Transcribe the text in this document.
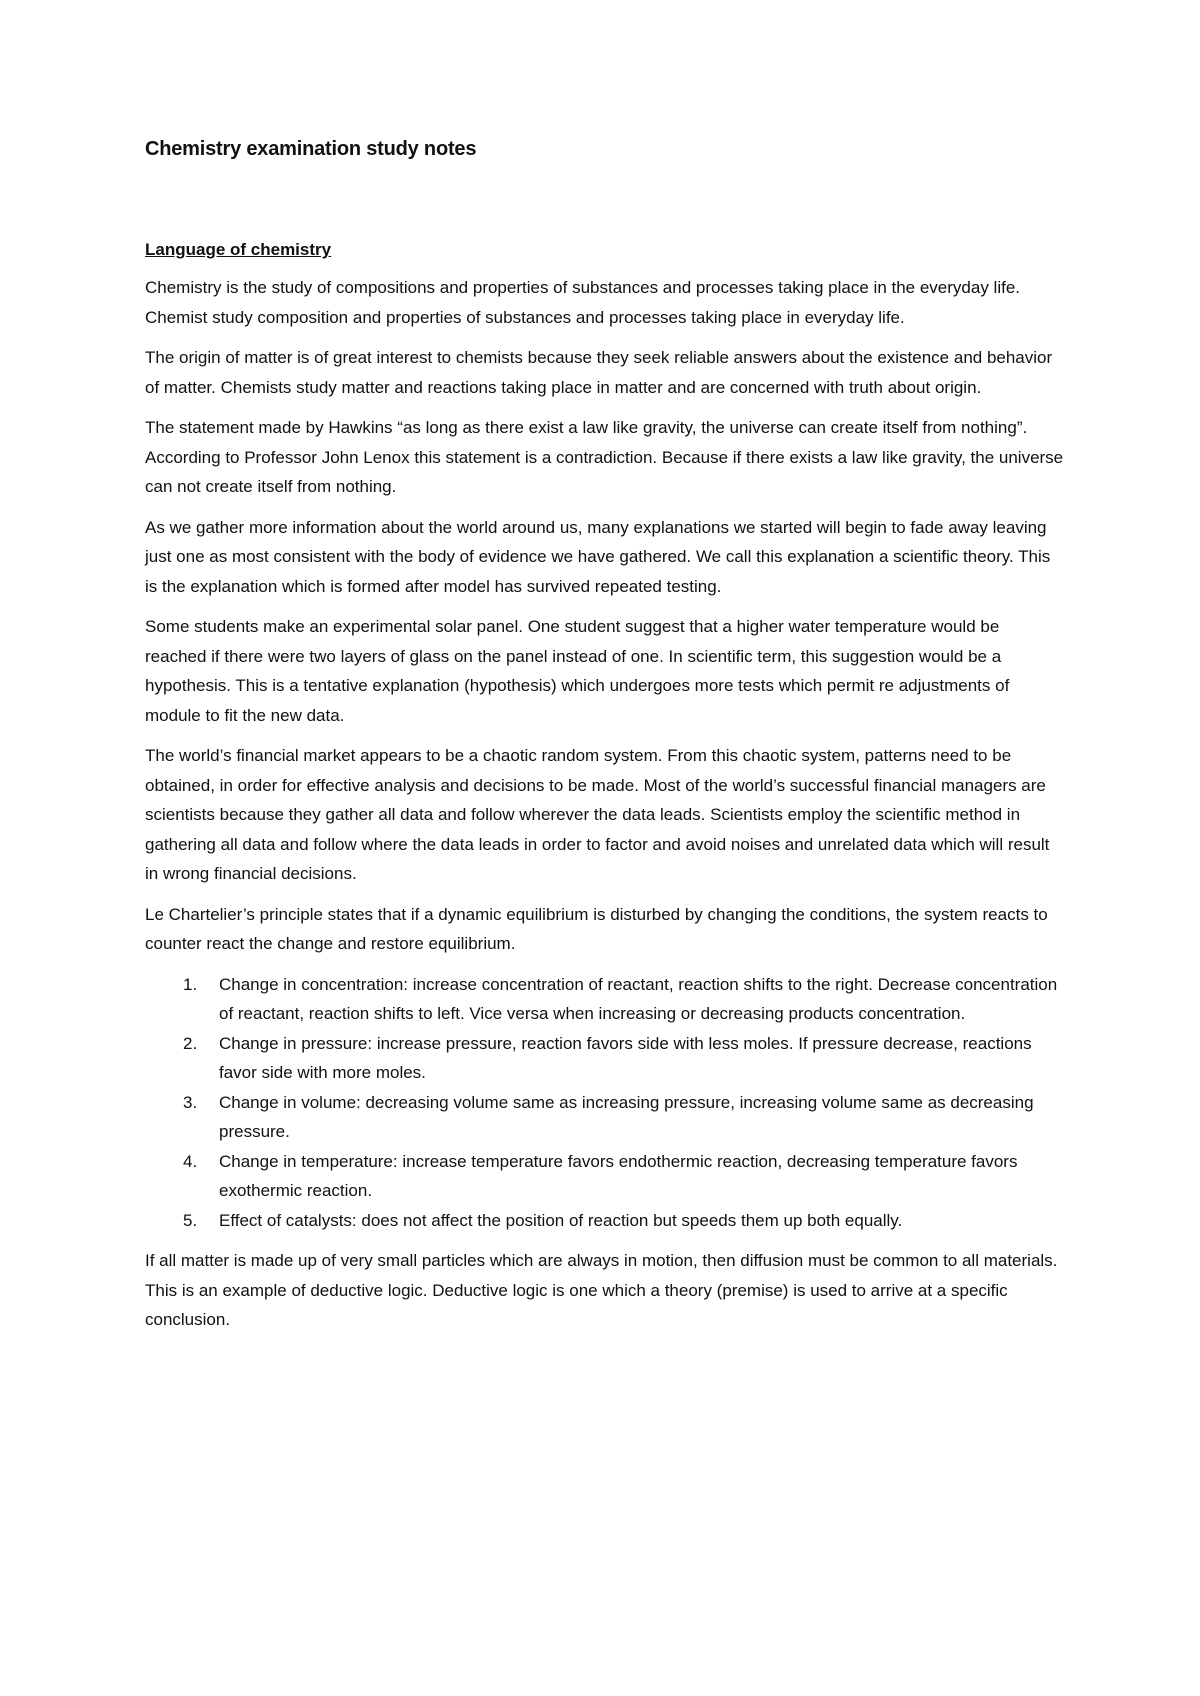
Chemistry examination study notes
Language of chemistry

Chemistry is the study of compositions and properties of substances and processes taking place in the everyday life. Chemist study composition and properties of substances and processes taking place in everyday life.

The origin of matter is of great interest to chemists because they seek reliable answers about the existence and behavior of matter. Chemists study matter and reactions taking place in matter and are concerned with truth about origin.

The statement made by Hawkins “as long as there exist a law like gravity, the universe can create itself from nothing”. According to Professor John Lenox this statement is a contradiction. Because if there exists a law like gravity, the universe can not create itself from nothing.

As we gather more information about the world around us, many explanations we started will begin to fade away leaving just one as most consistent with the body of evidence we have gathered. We call this explanation a scientific theory. This is the explanation which is formed after model has survived repeated testing.

Some students make an experimental solar panel. One student suggest that a higher water temperature would be reached if there were two layers of glass on the panel instead of one. In scientific term, this suggestion would be a hypothesis. This is a tentative explanation (hypothesis) which undergoes more tests which permit re adjustments of module to fit the new data.

The world’s financial market appears to be a chaotic random system. From this chaotic system, patterns need to be obtained, in order for effective analysis and decisions to be made. Most of the world’s successful financial managers are scientists because they gather all data and follow wherever the data leads. Scientists employ the scientific method in gathering all data and follow where the data leads in order to factor and avoid noises and unrelated data which will result in wrong financial decisions.

Le Chartelier’s principle states that if a dynamic equilibrium is disturbed by changing the conditions, the system reacts to counter react the change and restore equilibrium.

1. Change in concentration: increase concentration of reactant, reaction shifts to the right. Decrease concentration of reactant, reaction shifts to left. Vice versa when increasing or decreasing products concentration.
2. Change in pressure: increase pressure, reaction favors side with less moles. If pressure decrease, reactions favor side with more moles.
3. Change in volume: decreasing volume same as increasing pressure, increasing volume same as decreasing pressure.
4. Change in temperature: increase temperature favors endothermic reaction, decreasing temperature favors exothermic reaction.
5. Effect of catalysts: does not affect the position of reaction but speeds them up both equally.

If all matter is made up of very small particles which are always in motion, then diffusion must be common to all materials. This is an example of deductive logic. Deductive logic is one which a theory (premise) is used to arrive at a specific conclusion.
